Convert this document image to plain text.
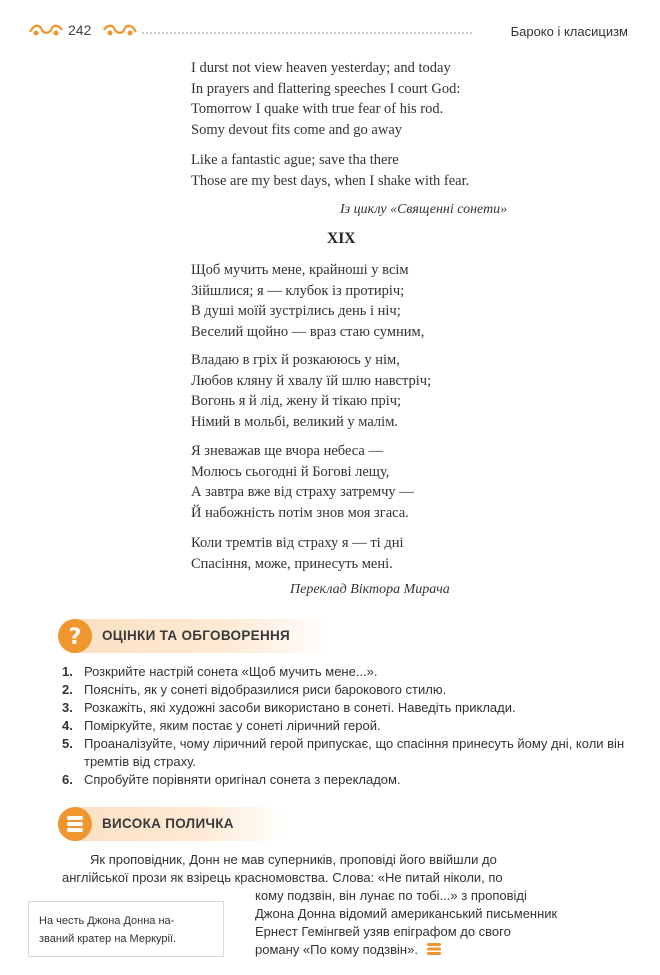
242	Бароко і класицизм
I durst not view heaven yesterday; and today
In prayers and flattering speeches I court God:
Tomorrow I quake with true fear of his rod.
Somy devout fits come and go away
Like a fantastic ague; save tha there
Those are my best days, when I shake with fear.
Із циклу «Священні сонети»
XIX
Щоб мучить мене, крайноші у всім
Зійшлися; я — клубок із протиріч;
В душі моїй зустрілись день і ніч;
Веселий щойно — враз стаю сумним,
Владаю в гріх й розкаююсь у нім,
Любов кляну й хвалу їй шлю навстріч;
Вогонь я й лід, жену й тікаю пріч;
Німий в мольбі, великий у малім.
Я зневажав ще вчора небеса —
Молюсь сьогодні й Богові лещу,
А завтра вже від страху затремчу —
Й набожність потім знов моя згаса.
Коли тремтів від страху я — ті дні
Спасіння, може, принесуть мені.
Переклад Віктора Мирача
? ОЦІНКИ ТА ОБГОВОРЕННЯ
1. Розкрийте настрій сонета «Щоб мучить мене...».
2. Поясніть, як у сонеті відобразилися риси барокового стилю.
3. Розкажіть, які художні засоби використано в сонеті. Наведіть приклади.
4. Поміркуйте, яким постає у сонеті ліричний герой.
5. Проаналізуйте, чому ліричний герой припускає, що спасіння принесуть йому дні, коли він тремтів від страху.
6. Спробуйте порівняти оригінал сонета з перекладом.
ВИСОКА ПОЛИЧКА
Як проповідник, Донн не мав суперників, проповіді його ввійшли до
англійської прози як взірець красномовства. Слова: «Не питай ніколи, по
кому подзвін, він лунає по тобі...» з проповіді
Джона Донна відомий американський письменник
Ернест Гемінгвей узяв епіграфом до свого
роману «По кому подзвін».
На честь Джона Донна на-
званий кратер на Меркурії.
